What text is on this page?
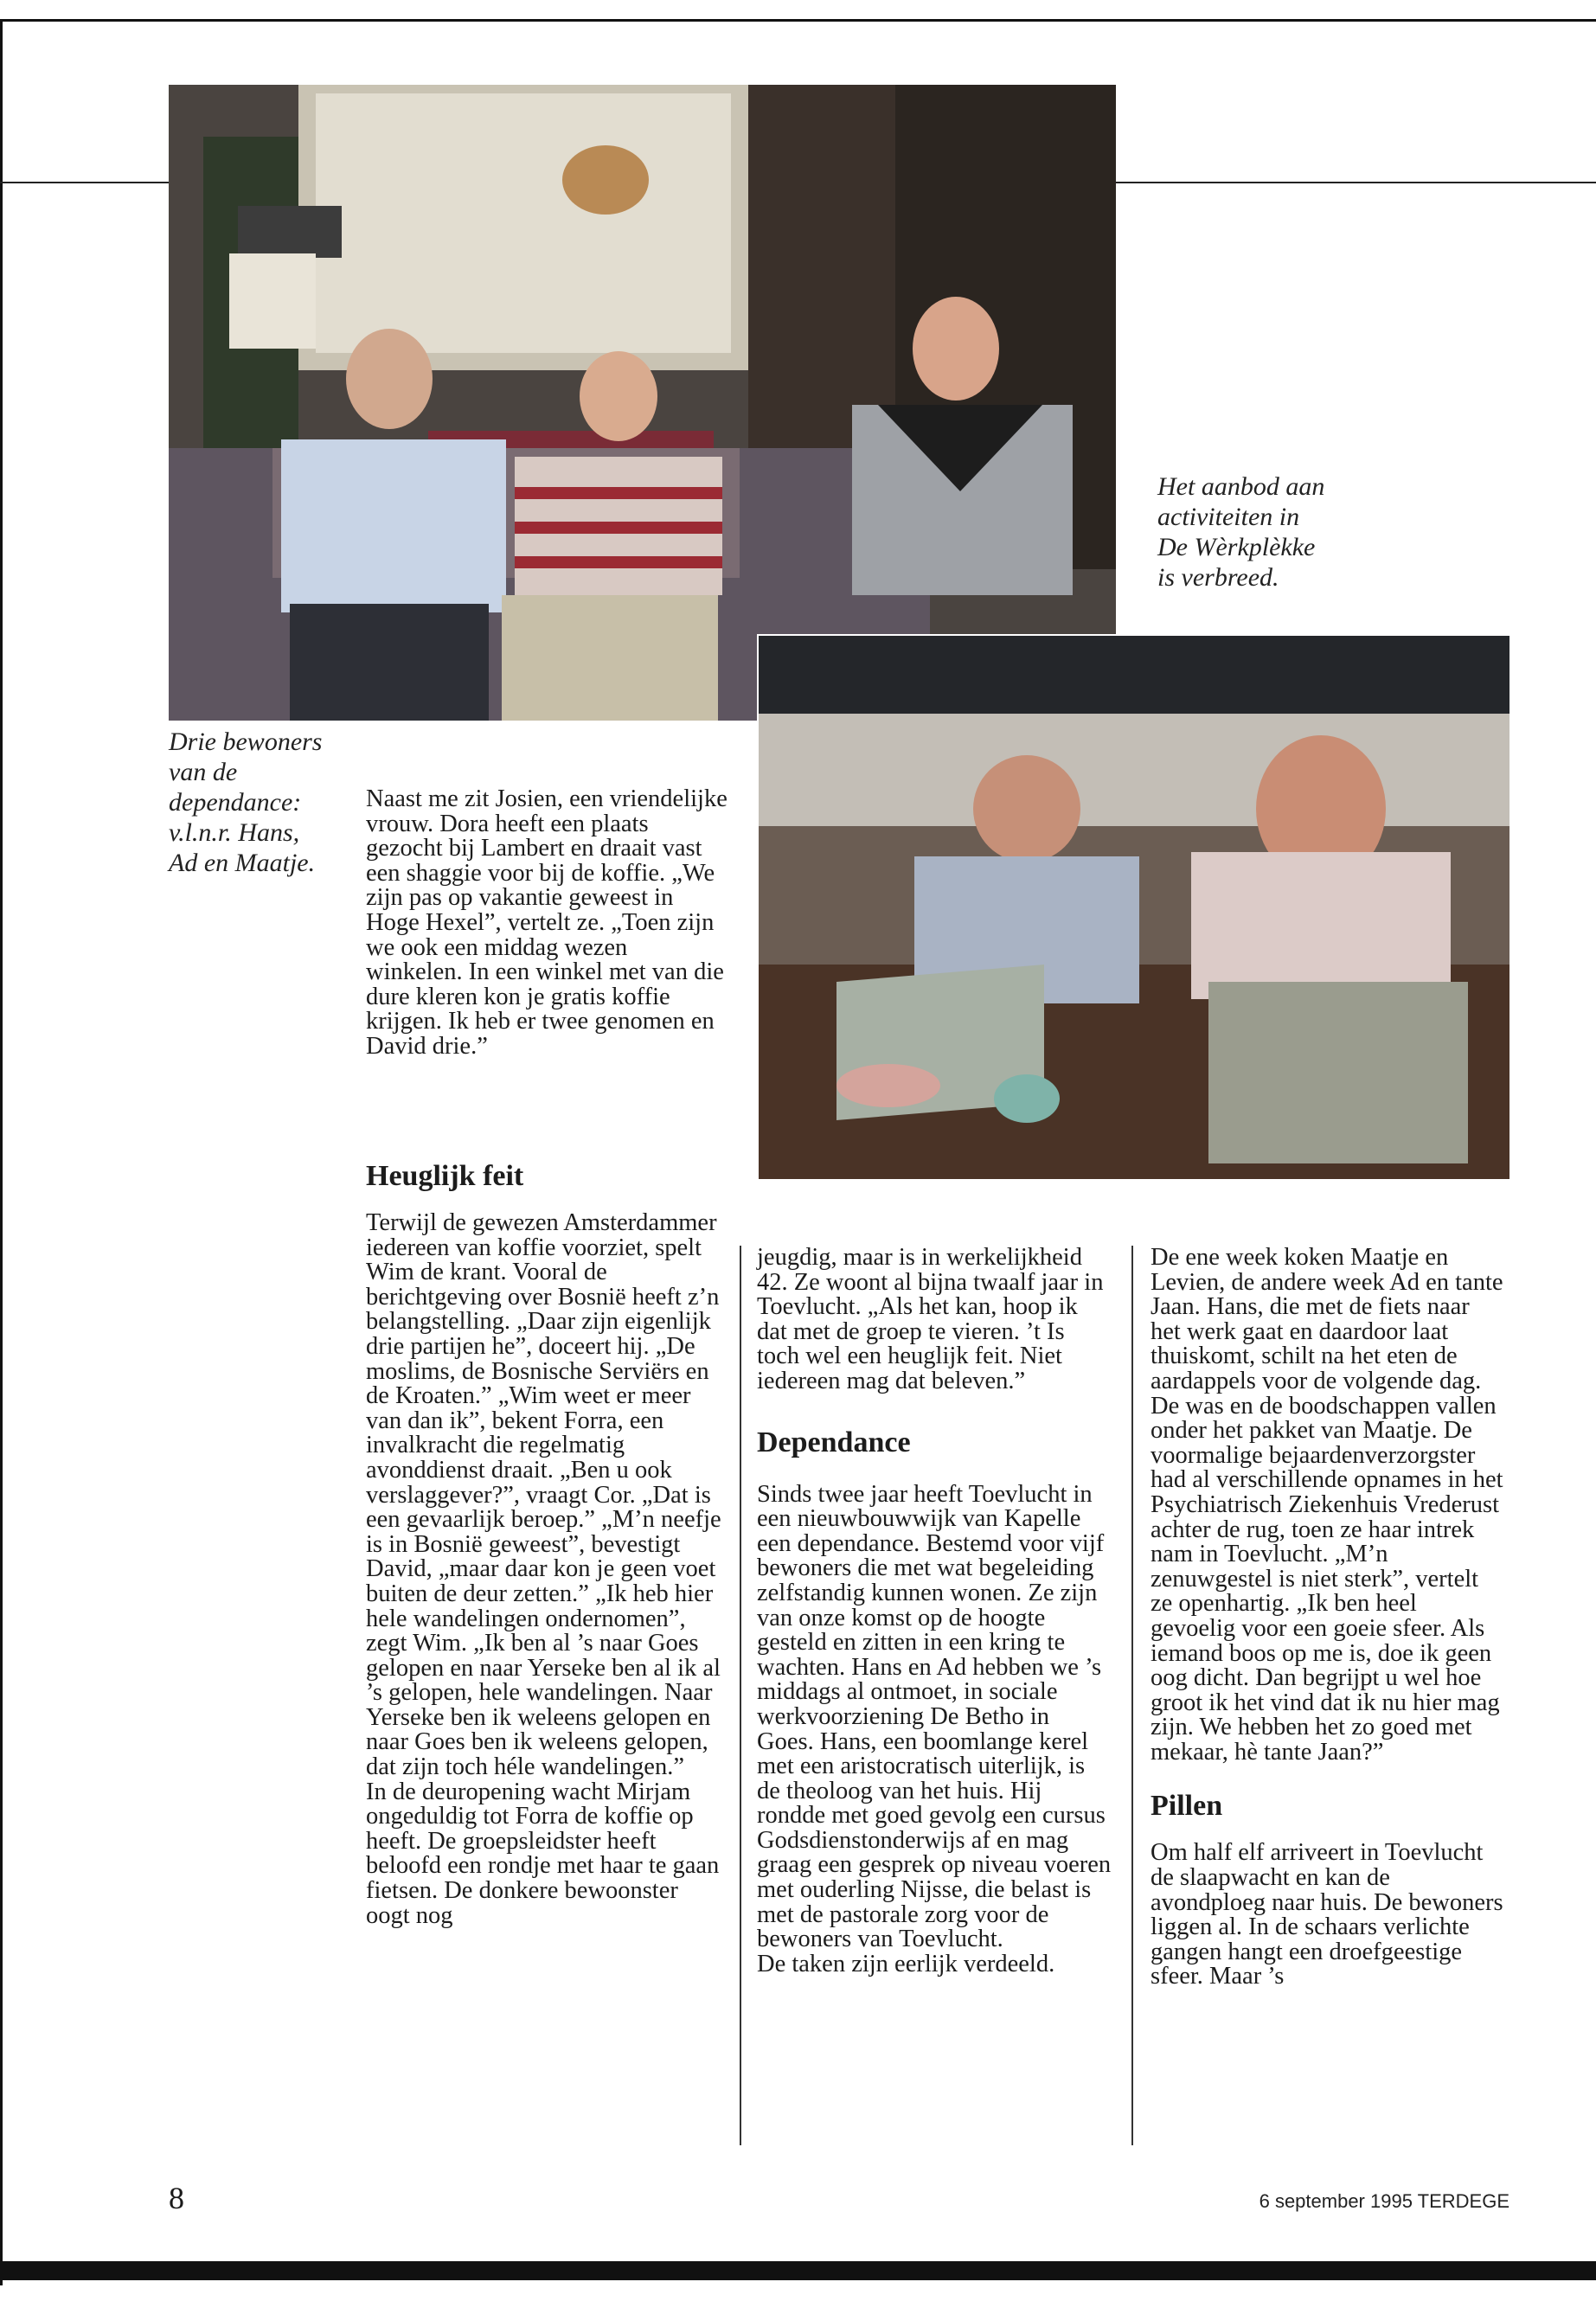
Het aanbod aan activiteiten in De Wèrkplèkke is verbreed.

Drie bewoners van de dependance: v.l.n.r. Hans, Ad en Maatje.

Naast me zit Josien, een vriendelijke vrouw. Dora heeft een plaats gezocht bij Lambert en draait vast een shaggie voor bij de koffie. „We zijn pas op vakantie geweest in Hoge Hexel”, vertelt ze. „Toen zijn we ook een middag wezen winkelen. In een winkel met van die dure kleren kon je gratis koffie krijgen. Ik heb er twee genomen en David drie.”

Heuglijk feit

Terwijl de gewezen Amsterdammer iedereen van koffie voorziet, spelt Wim de krant. Vooral de berichtgeving over Bosnië heeft z’n belangstelling. „Daar zijn eigenlijk drie partijen he”, doceert hij. „De moslims, de Bosnische Serviërs en de Kroaten.” „Wim weet er meer van dan ik”, bekent Forra, een invalkracht die regelmatig avonddienst draait. „Ben u ook verslaggever?”, vraagt Cor. „Dat is een gevaarlijk beroep.” „M’n neefje is in Bosnië geweest”, bevestigt David, „maar daar kon je geen voet buiten de deur zetten.” „Ik heb hier hele wandelingen ondernomen”, zegt Wim. „Ik ben al ’s naar Goes gelopen en naar Yerseke ben al ik al ’s gelopen, hele wandelingen. Naar Yerseke ben ik weleens gelopen en naar Goes ben ik weleens gelopen, dat zijn toch héle wandelingen.”

In de deuropening wacht Mirjam ongeduldig tot Forra de koffie op heeft. De groepsleidster heeft beloofd een rondje met haar te gaan fietsen. De donkere bewoonster oogt nog

jeugdig, maar is in werkelijkheid 42. Ze woont al bijna twaalf jaar in Toevlucht. „Als het kan, hoop ik dat met de groep te vieren. ’t Is toch wel een heuglijk feit. Niet iedereen mag dat beleven.”

Dependance

Sinds twee jaar heeft Toevlucht in een nieuwbouwwijk van Kapelle een dependance. Bestemd voor vijf bewoners die met wat begeleiding zelfstandig kunnen wonen. Ze zijn van onze komst op de hoogte gesteld en zitten in een kring te wachten. Hans en Ad hebben we ’s middags al ontmoet, in sociale werkvoorziening De Betho in Goes. Hans, een boomlange kerel met een aristocratisch uiterlijk, is de theoloog van het huis. Hij rondde met goed gevolg een cursus Godsdienstonderwijs af en mag graag een gesprek op niveau voeren met ouderling Nijsse, die belast is met de pastorale zorg voor de bewoners van Toevlucht.

De taken zijn eerlijk verdeeld.

De ene week koken Maatje en Levien, de andere week Ad en tante Jaan. Hans, die met de fiets naar het werk gaat en daardoor laat thuiskomt, schilt na het eten de aardappels voor de volgende dag. De was en de boodschappen vallen onder het pakket van Maatje. De voormalige bejaardenverzorgster had al verschillende opnames in het Psychiatrisch Ziekenhuis Vrederust achter de rug, toen ze haar intrek nam in Toevlucht. „M’n zenuwgestel is niet sterk”, vertelt ze openhartig. „Ik ben heel gevoelig voor een goeie sfeer. Als iemand boos op me is, doe ik geen oog dicht. Dan begrijpt u wel hoe groot ik het vind dat ik nu hier mag zijn. We hebben het zo goed met mekaar, hè tante Jaan?”

Pillen

Om half elf arriveert in Toevlucht de slaapwacht en kan de avondploeg naar huis. De bewoners liggen al. In de schaars verlichte gangen hangt een droefgeestige sfeer. Maar ’s

8	6 september 1995 TERDEGE
